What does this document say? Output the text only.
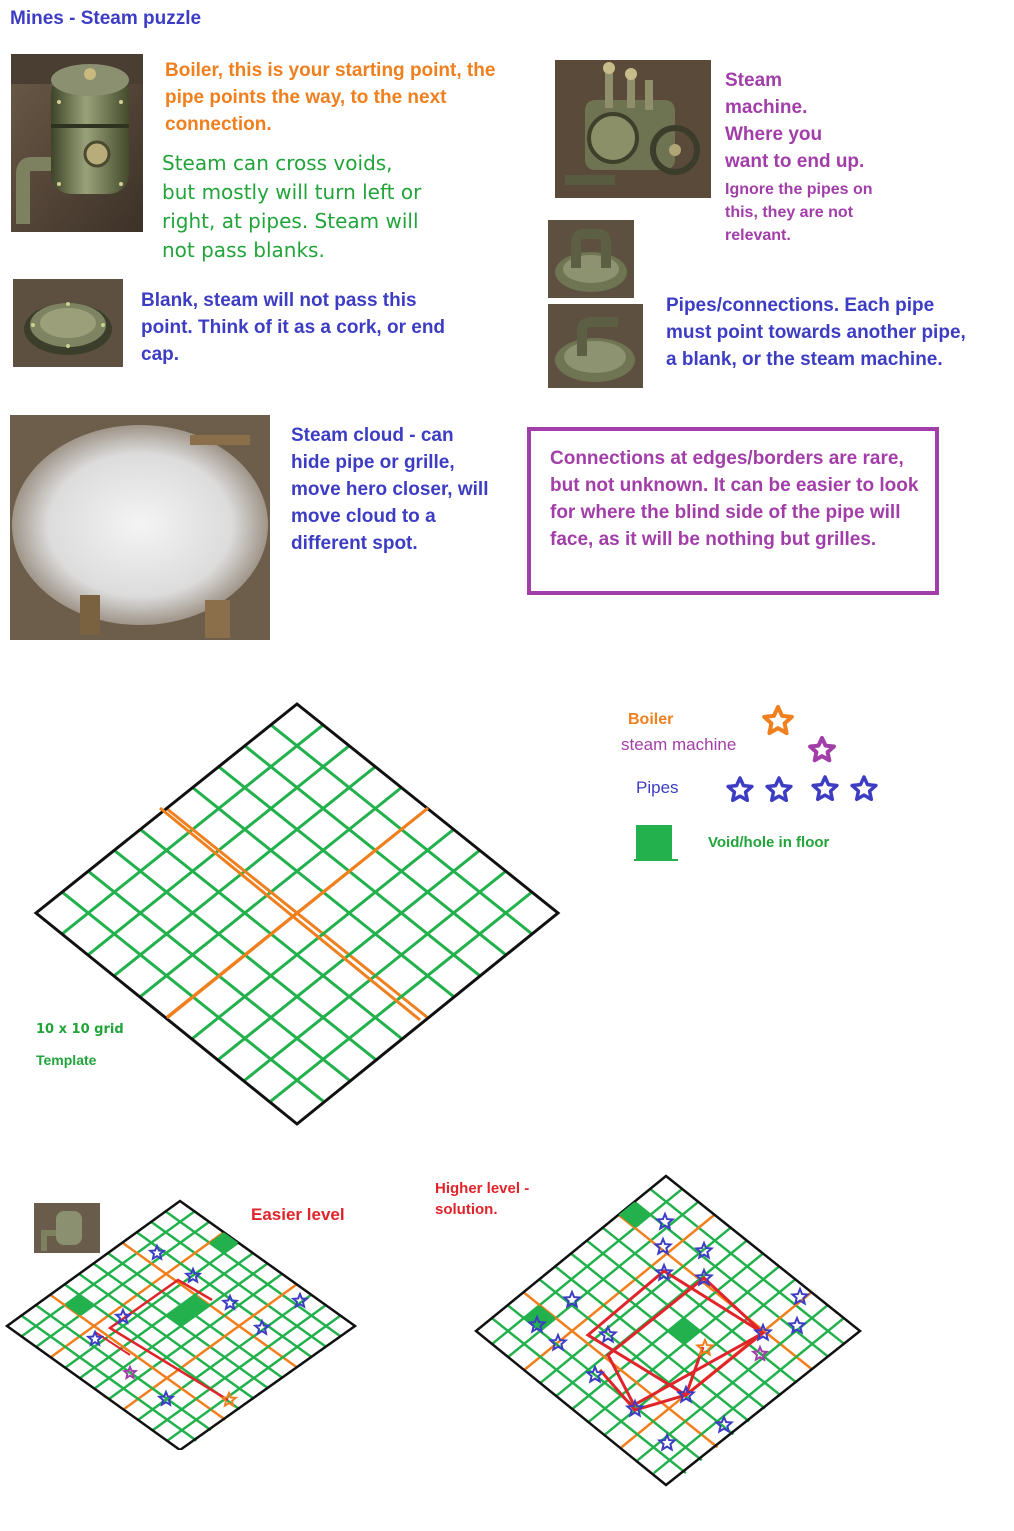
Mines - Steam puzzle
Boiler, this is your starting point, the pipe points the way, to the next connection.
Steam can cross voids, but mostly will turn left or right, at pipes. Steam will not pass blanks.
Steam machine. Where you want to end up.
Ignore the pipes on this, they are not relevant.
Blank, steam will not pass this point. Think of it as a cork, or end cap.
Pipes/connections. Each pipe must point towards another pipe, a blank, or the steam machine.
Steam cloud - can hide pipe or grille, move hero closer, will move cloud to a different spot.
Connections at edges/borders are rare, but not unknown. It can be easier to look for where the blind side of the pipe will face, as it will be nothing but grilles.
10 x 10 grid
Template
Boiler
steam machine
Pipes
Void/hole in floor
Easier level
Higher level - solution.
